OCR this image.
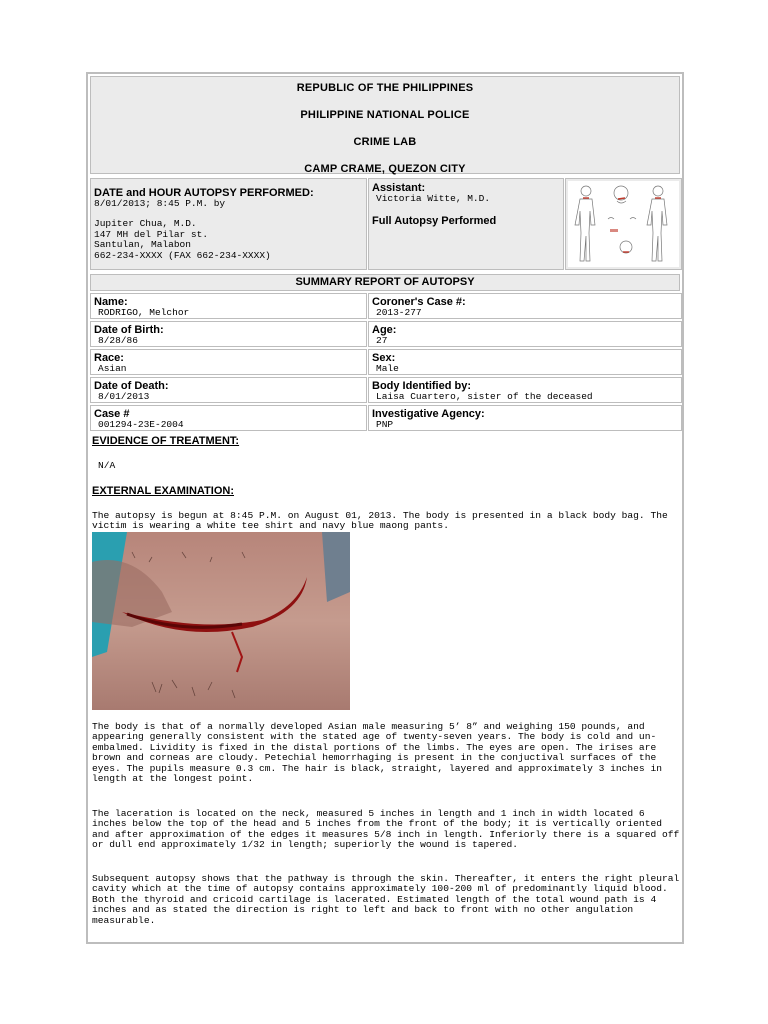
REPUBLIC OF THE PHILIPPINES
PHILIPPINE NATIONAL POLICE
CRIME LAB
CAMP CRAME, QUEZON CITY
DATE and HOUR AUTOPSY PERFORMED:
8/01/2013; 8:45 P.M. by
Jupiter Chua, M.D.
147 MH del Pilar st.
Santulan, Malabon
662-234-XXXX (FAX 662-234-XXXX)
Assistant:
Victoria Witte, M.D.
Full Autopsy Performed
SUMMARY REPORT OF AUTOPSY
Name:
RODRIGO, Melchor
Coroner's Case #:
2013-277
Date of Birth:
8/28/86
Age:
27
Race:
Asian
Sex:
Male
Date of Death:
8/01/2013
Body Identified by:
Laisa Cuartero, sister of the deceased
Case #
001294-23E-2004
Investigative Agency:
PNP
EVIDENCE OF TREATMENT:
N/A
EXTERNAL EXAMINATION:
The autopsy is begun at 8:45 P.M. on August 01, 2013. The body is presented in a black body bag. The victim is wearing a white tee shirt and navy blue maong pants.
The body is that of a normally developed Asian male measuring 5’ 8” and weighing 150 pounds, and appearing generally consistent with the stated age of twenty-seven years. The body is cold and un-embalmed. Lividity is fixed in the distal portions of the limbs. The eyes are open. The irises are brown and corneas are cloudy. Petechial hemorrhaging is present in the conjuctival surfaces of the eyes. The pupils measure 0.3 cm. The hair is black, straight, layered and approximately 3 inches in length at the longest point.
The laceration is located on the neck, measured 5 inches in length and 1 inch in width located 6 inches below the top of the head and 5 inches from the front of the body; it is vertically oriented and after approximation of the edges it measures 5/8 inch in length. Inferiorly there is a squared off or dull end approximately 1/32 in length; superiorly the wound is tapered.
Subsequent autopsy shows that the pathway is through the skin. Thereafter, it enters the right pleural cavity which at the time of autopsy contains approximately 100-200 ml of predominantly liquid blood. Both the thyroid and cricoid cartilage is lacerated. Estimated length of the total wound path is 4 inches and as stated the direction is right to left and back to front with no other angulation measurable.
